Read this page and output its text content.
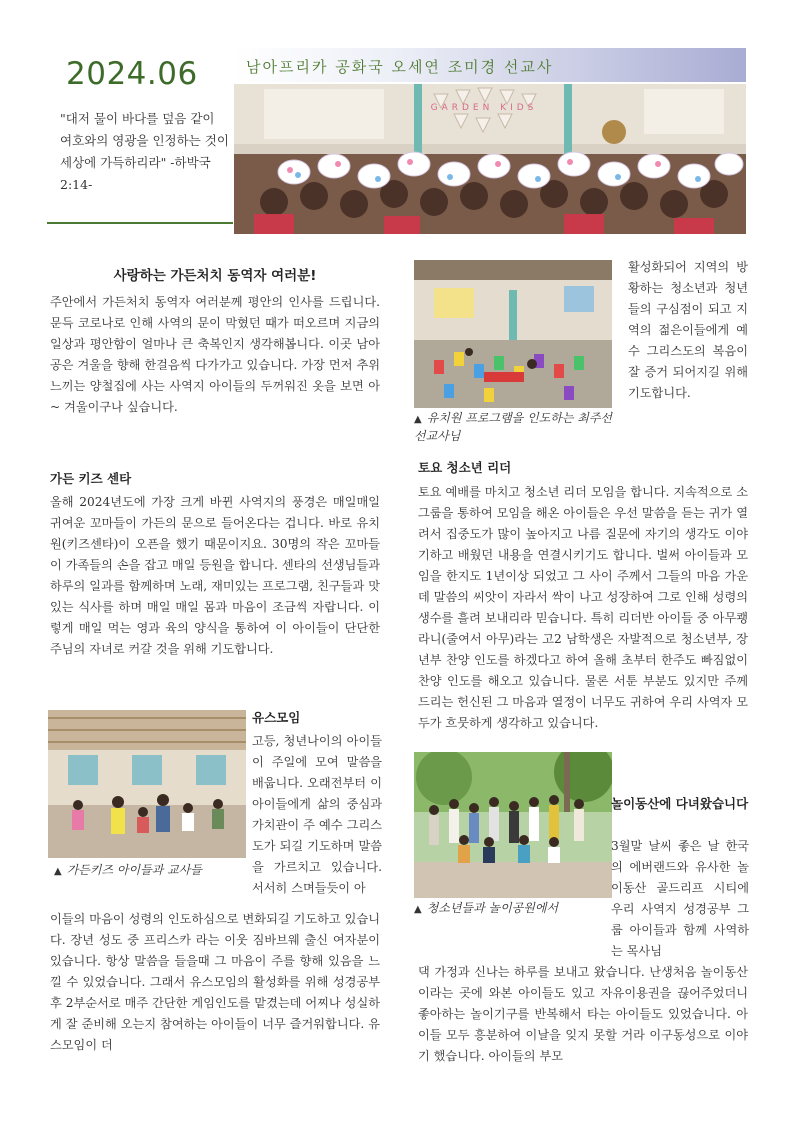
2024.06
"대저 물이 바다를 덮음 같이 여호와의 영광을 인정하는 것이 세상에 가득하리라" -하박국2:14-
남아프리카 공화국 오세연 조미경 선교사
GARDEN KIDS
사랑하는 가든처치 동역자 여러분!
주안에서 가든처치 동역자 여러분께 평안의 인사를 드립니다. 문득 코로나로 인해 사역의 문이 막혔던 때가 떠오르며 지금의 일상과 평안함이 얼마나 큰 축복인지 생각해봅니다. 이곳 남아공은 겨울을 향해 한걸음씩 다가가고 있습니다. 가장 먼저 추위 느끼는 양철집에 사는 사역지 아이들의 두꺼워진 옷을 보면 아~ 겨울이구나 싶습니다.
가든 키즈 센타
올해 2024년도에 가장 크게 바뀐 사역지의 풍경은 매일매일 귀여운 꼬마들이 가든의 문으로 들어온다는 겁니다. 바로 유치원(키즈센타)이 오픈을 했기 때문이지요. 30명의 작은 꼬마들이 가족들의 손을 잡고 매일 등원을 합니다. 센타의 선생님들과 하루의 일과를 함께하며 노래, 재미있는 프로그램, 친구들과 맛있는 식사를 하며 매일 매일 몸과 마음이 조금씩 자랍니다. 이렇게 매일 먹는 영과 육의 양식을 통하여 이 아이들이 단단한 주님의 자녀로 커갈 것을 위해 기도합니다.
▲ 가든키즈 아이들과 교사들
유스모임
고등, 청년나이의 아이들이 주일에 모여 말씀을 배웁니다. 오래전부터 이 아이들에게 삶의 중심과 가치관이 주 예수 그리스도가 되길 기도하며 말씀을 가르치고 있습니다. 서서히 스며들듯이 아
이들의 마음이 성령의 인도하심으로 변화되길 기도하고 있습니다. 장년 성도 중 프리스카 라는 이웃 짐바브웨 출신 여자분이 있습니다. 항상 말씀을 들을때 그 마음이 주를 향해 있음을 느낄 수 있었습니다. 그래서 유스모임의 활성화를 위해 성경공부후 2부순서로 매주 간단한 게임인도를 맡겼는데 어찌나 성실하게 잘 준비해 오는지 참여하는 아이들이 너무 즐거워합니다. 유스모임이 더
▲ 유치원 프로그램을 인도하는 최주선 선교사님
활성화되어 지역의 방황하는 청소년과 청년들의 구심점이 되고 지역의 젊은이들에게 예수 그리스도의 복음이 잘 증거 되어지길 위해 기도합니다.
토요 청소년 리더
토요 예배를 마치고 청소년 리더 모임을 합니다. 지속적으로 소그룹을 통하여 모임을 해온 아이들은 우선 말씀을 듣는 귀가 열려서 집중도가 많이 높아지고 나름 질문에 자기의 생각도 이야기하고 배웠던 내용을 연결시키기도 합니다. 벌써 아이들과 모임을 한지도 1년이상 되었고 그 사이 주께서 그들의 마음 가운데 말씀의 씨앗이 자라서 싹이 나고 성장하여 그로 인해 성령의 생수를 흘려 보내리라 믿습니다. 특히 리더반 아이들 중 아무쾡라니(줄여서 아무)라는 고2 남학생은 자발적으로 청소년부, 장년부 찬양 인도를 하겠다고 하여 올해 초부터 한주도 빠짐없이 찬양 인도를 해오고 있습니다. 물론 서툰 부분도 있지만 주께 드리는 헌신된 그 마음과 열정이 너무도 귀하여 우리 사역자 모두가 흐뭇하게 생각하고 있습니다.
▲ 청소년들과 놀이공원에서
놀이동산에 다녀왔습니다
3월말 날씨 좋은 날 한국의 에버랜드와 유사한 놀이동산 골드리프 시티에 우리 사역지 성경공부 그룹 아이들과 함께 사역하는 목사님
댁 가정과 신나는 하루를 보내고 왔습니다. 난생처음 놀이동산이라는 곳에 와본 아이들도 있고 자유이용권을 끊어주었더니 좋아하는 놀이기구를 반복해서 타는 아이들도 있었습니다. 아이들 모두 흥분하여 이날을 잊지 못할 거라 이구동성으로 이야기 했습니다. 아이들의 부모
